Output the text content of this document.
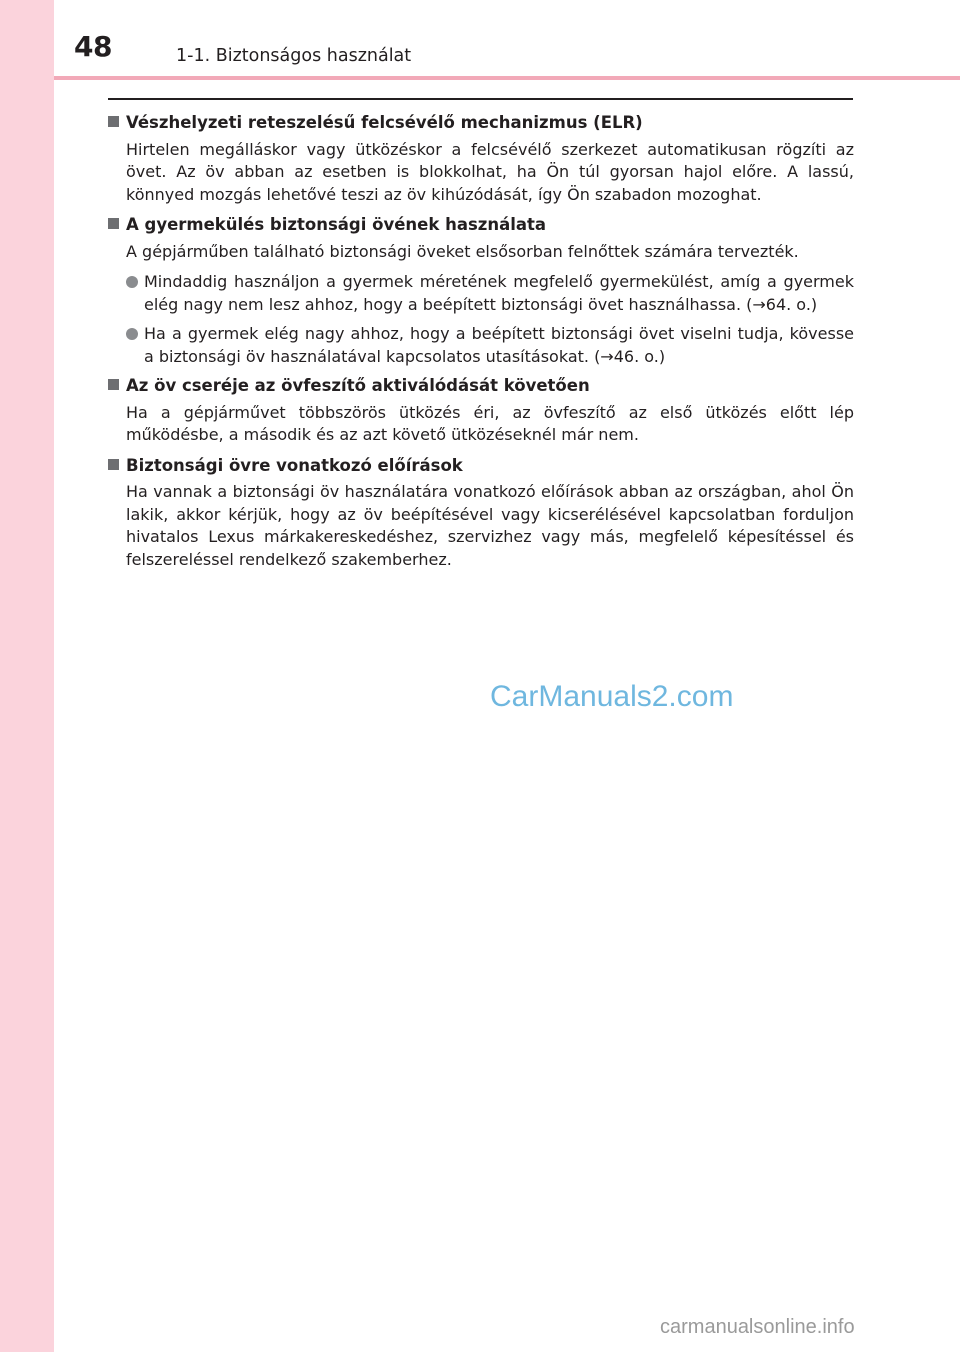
48	1-1. Biztonságos használat
Vészhelyzeti reteszelésű felcsévélő mechanizmus (ELR)
Hirtelen megálláskor vagy ütközéskor a felcsévélő szerkezet automatikusan rögzíti az övet. Az öv abban az esetben is blokkolhat, ha Ön túl gyorsan hajol előre. A lassú, könnyed mozgás lehetővé teszi az öv kihúzódását, így Ön szabadon mozoghat.
A gyermekülés biztonsági övének használata
A gépjárműben található biztonsági öveket elsősorban felnőttek számára tervezték.
Mindaddig használjon a gyermek méretének megfelelő gyermekülést, amíg a gyermek elég nagy nem lesz ahhoz, hogy a beépített biztonsági övet használhassa. (→64. o.)
Ha a gyermek elég nagy ahhoz, hogy a beépített biztonsági övet viselni tudja, kövesse a biztonsági öv használatával kapcsolatos utasításokat. (→46. o.)
Az öv cseréje az övfeszítő aktiválódását követően
Ha a gépjárművet többszörös ütközés éri, az övfeszítő az első ütközés előtt lép működésbe, a második és az azt követő ütközéseknél már nem.
Biztonsági övre vonatkozó előírások
Ha vannak a biztonsági öv használatára vonatkozó előírások abban az országban, ahol Ön lakik, akkor kérjük, hogy az öv beépítésével vagy kicserélésével kapcsolatban forduljon hivatalos Lexus márkakereskedéshez, szervizhez vagy más, megfelelő képesítéssel és felszereléssel rendelkező szakemberhez.
CarManuals2.com
carmanualsonline.info
